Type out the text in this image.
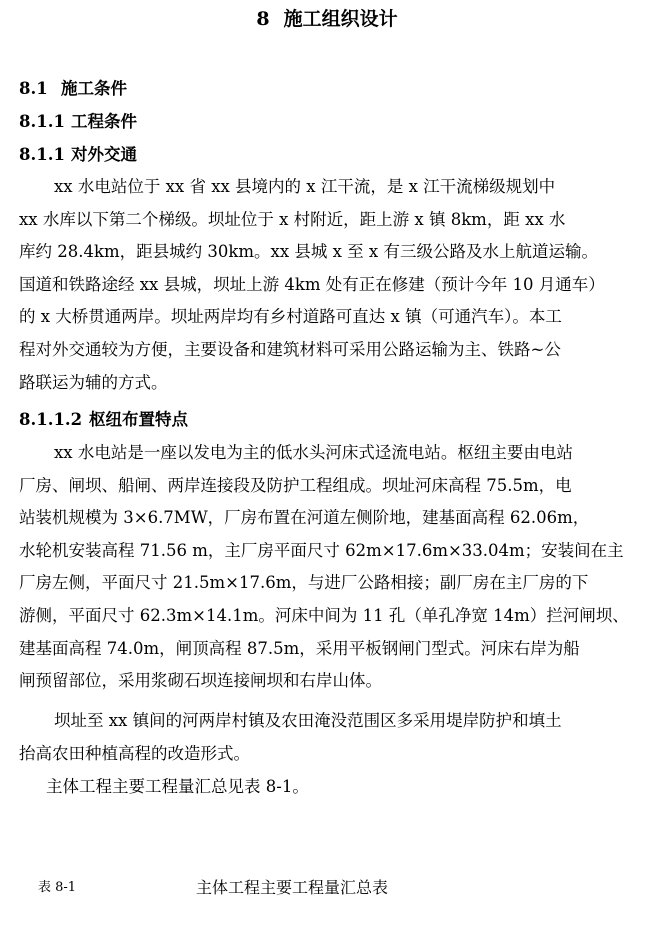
8 施工组织设计
8.1 施工条件
8.1.1 工程条件
8.1.1 对外交通
xx 水电站位于 xx 省 xx 县境内的 x 江干流，是 x 江干流梯级规划中
xx 水库以下第二个梯级。坝址位于 x 村附近，距上游 x 镇 8km，距 xx 水
库约 28.4km，距县城约 30km。xx 县城 x 至 x 有三级公路及水上航道运输。
国道和铁路途经 xx 县城，坝址上游 4km 处有正在修建（预计今年 10 月通车）
的 x 大桥贯通两岸。坝址两岸均有乡村道路可直达 x 镇（可通汽车）。本工
程对外交通较为方便，主要设备和建筑材料可采用公路运输为主、铁路~公
路联运为辅的方式。
8.1.1.2 枢纽布置特点
xx 水电站是一座以发电为主的低水头河床式迳流电站。枢纽主要由电站
厂房、闸坝、船闸、两岸连接段及防护工程组成。坝址河床高程 75.5m，电
站装机规模为 3×6.7MW，厂房布置在河道左侧阶地，建基面高程 62.06m，
水轮机安装高程 71.56 m，主厂房平面尺寸 62m×17.6m×33.04m；安装间在主
厂房左侧，平面尺寸 21.5m×17.6m，与进厂公路相接；副厂房在主厂房的下
游侧，平面尺寸 62.3m×14.1m。河床中间为 11 孔（单孔净宽 14m）拦河闸坝、
建基面高程 74.0m，闸顶高程 87.5m，采用平板钢闸门型式。河床右岸为船
闸预留部位，采用浆砌石坝连接闸坝和右岸山体。
坝址至 xx 镇间的河两岸村镇及农田淹没范围区多采用堤岸防护和填土
抬高农田种植高程的改造形式。
主体工程主要工程量汇总见表 8-1。
表 8-1	主体工程主要工程量汇总表
